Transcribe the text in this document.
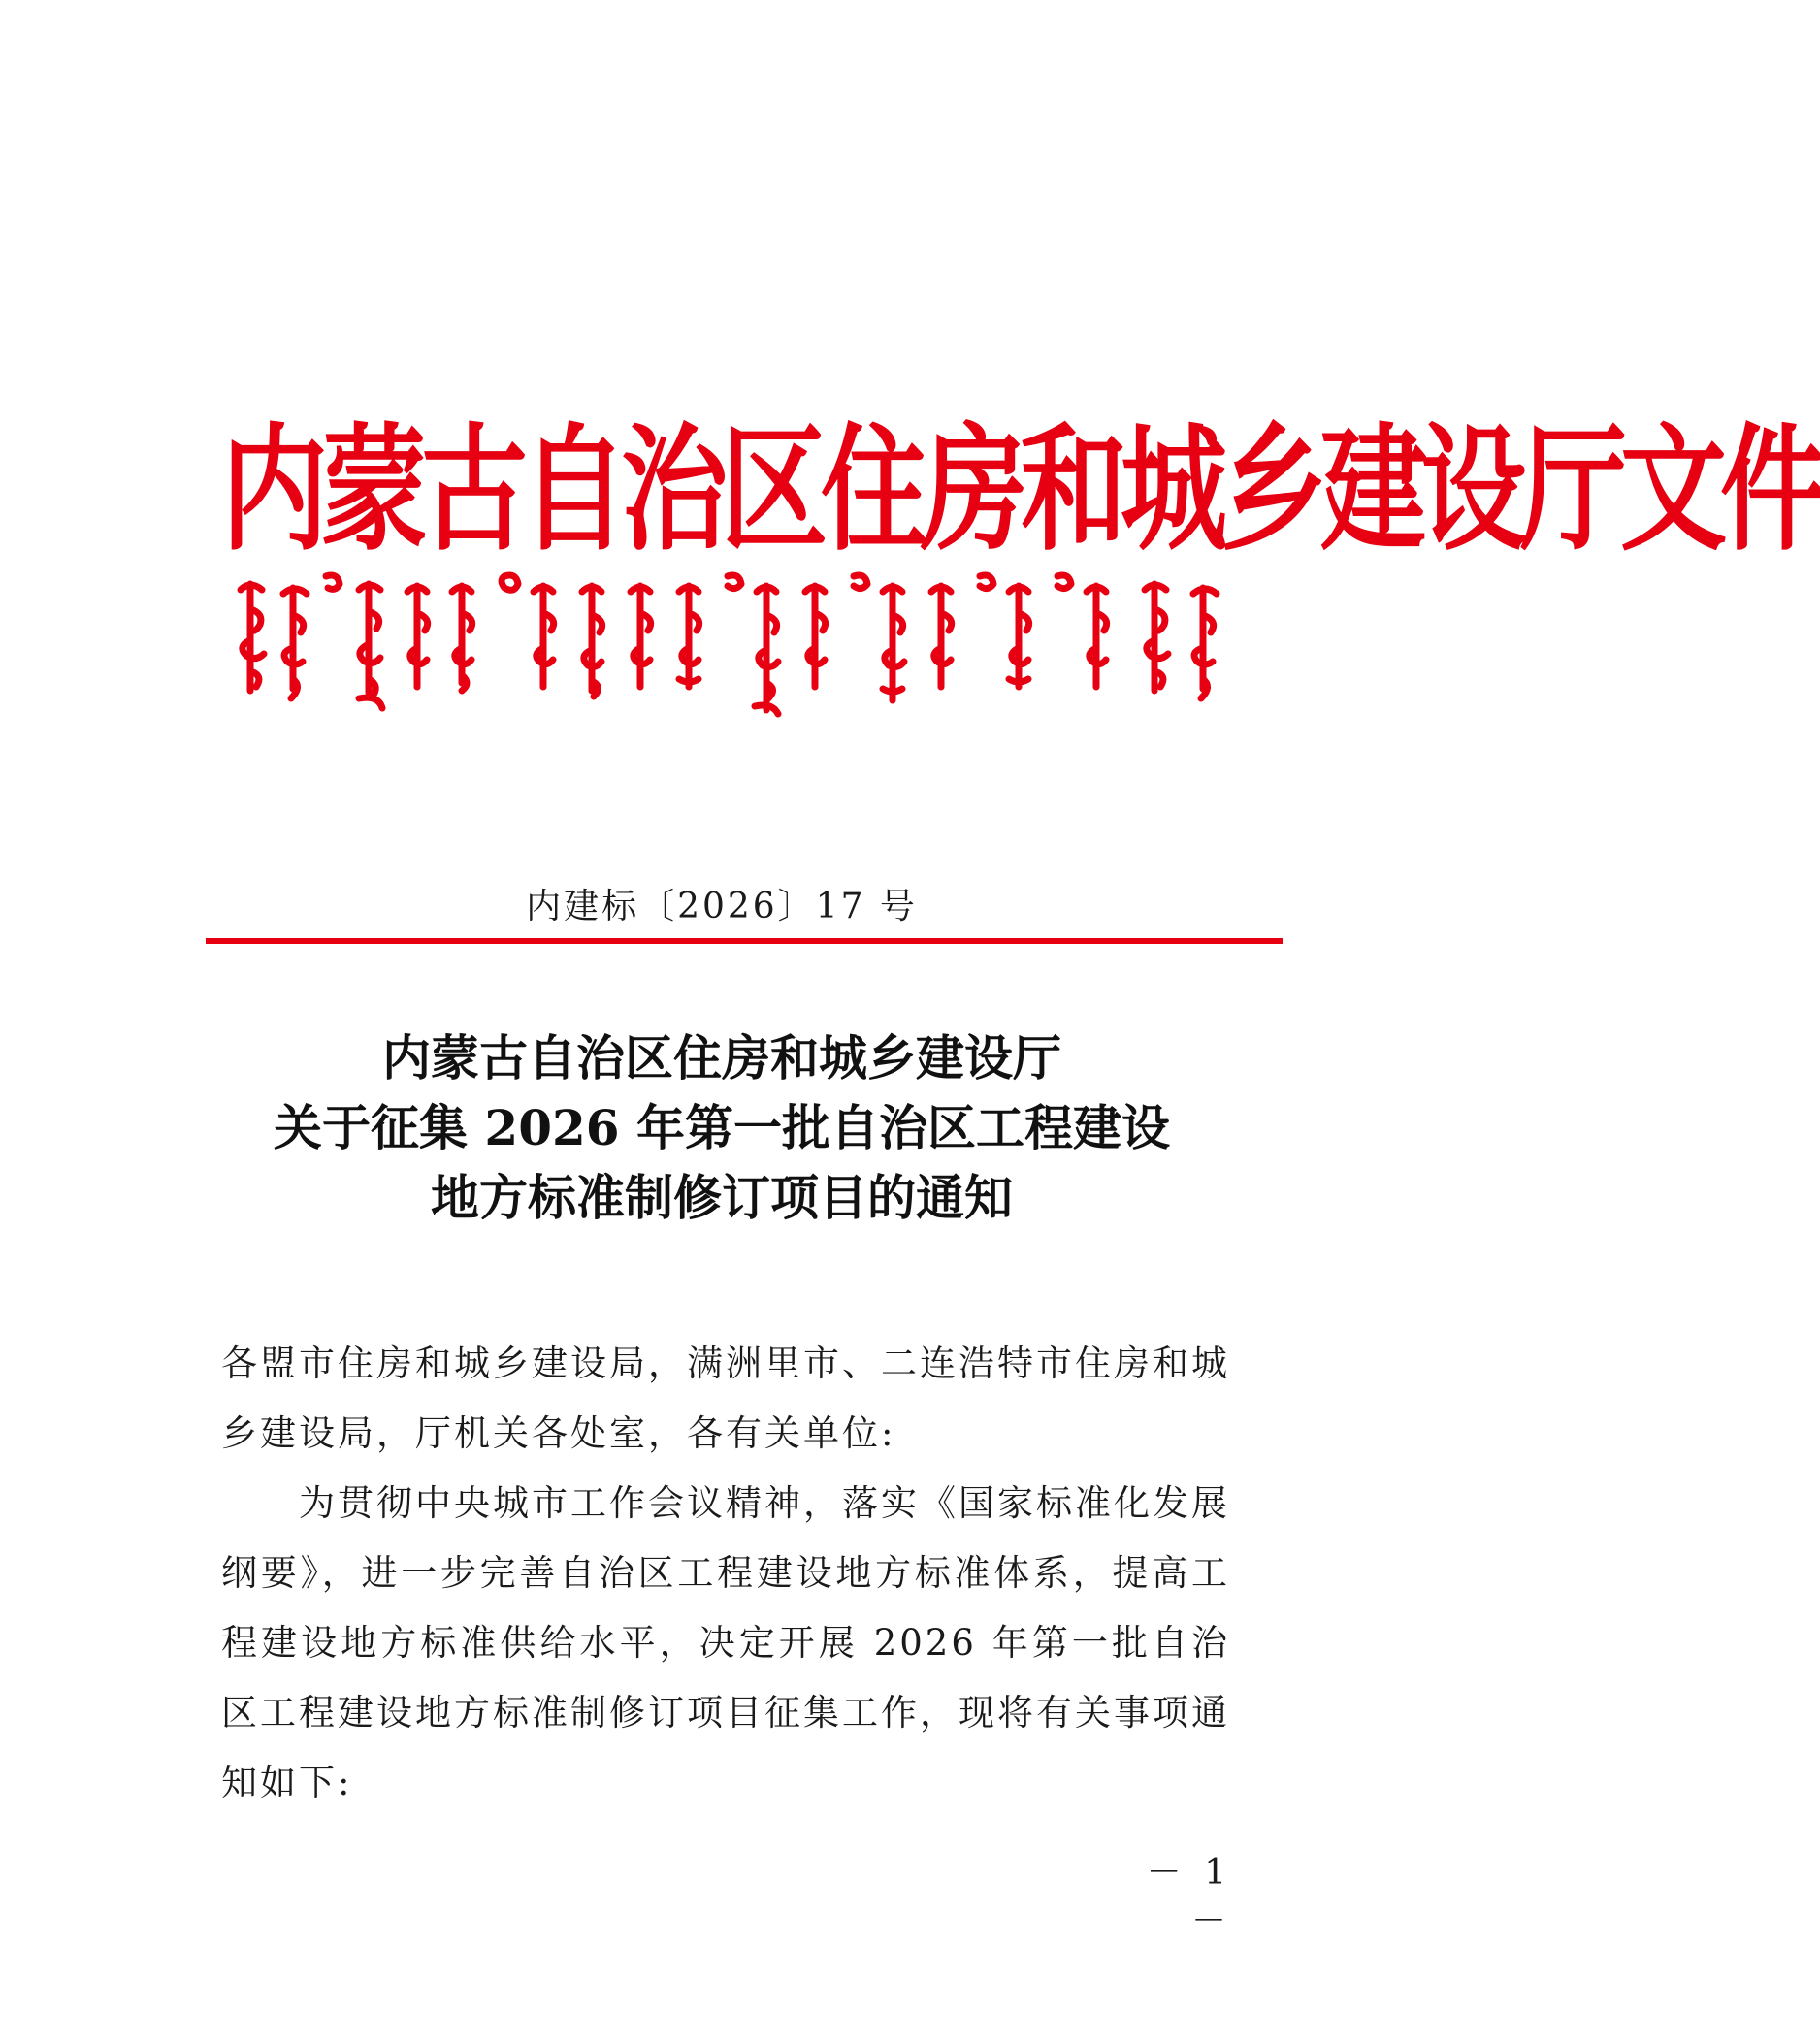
内蒙古自治区住房和城乡建设厅文件
内建标〔2026〕17 号
内蒙古自治区住房和城乡建设厅
关于征集 2026 年第一批自治区工程建设
地方标准制修订项目的通知

各盟市住房和城乡建设局，满洲里市、二连浩特市住房和城乡建设局，厅机关各处室，各有关单位:

为贯彻中央城市工作会议精神，落实《国家标准化发展纲要》，进一步完善自治区工程建设地方标准体系，提高工程建设地方标准供给水平，决定开展 2026 年第一批自治区工程建设地方标准制修订项目征集工作，现将有关事项通知如下:

－ 1 －
